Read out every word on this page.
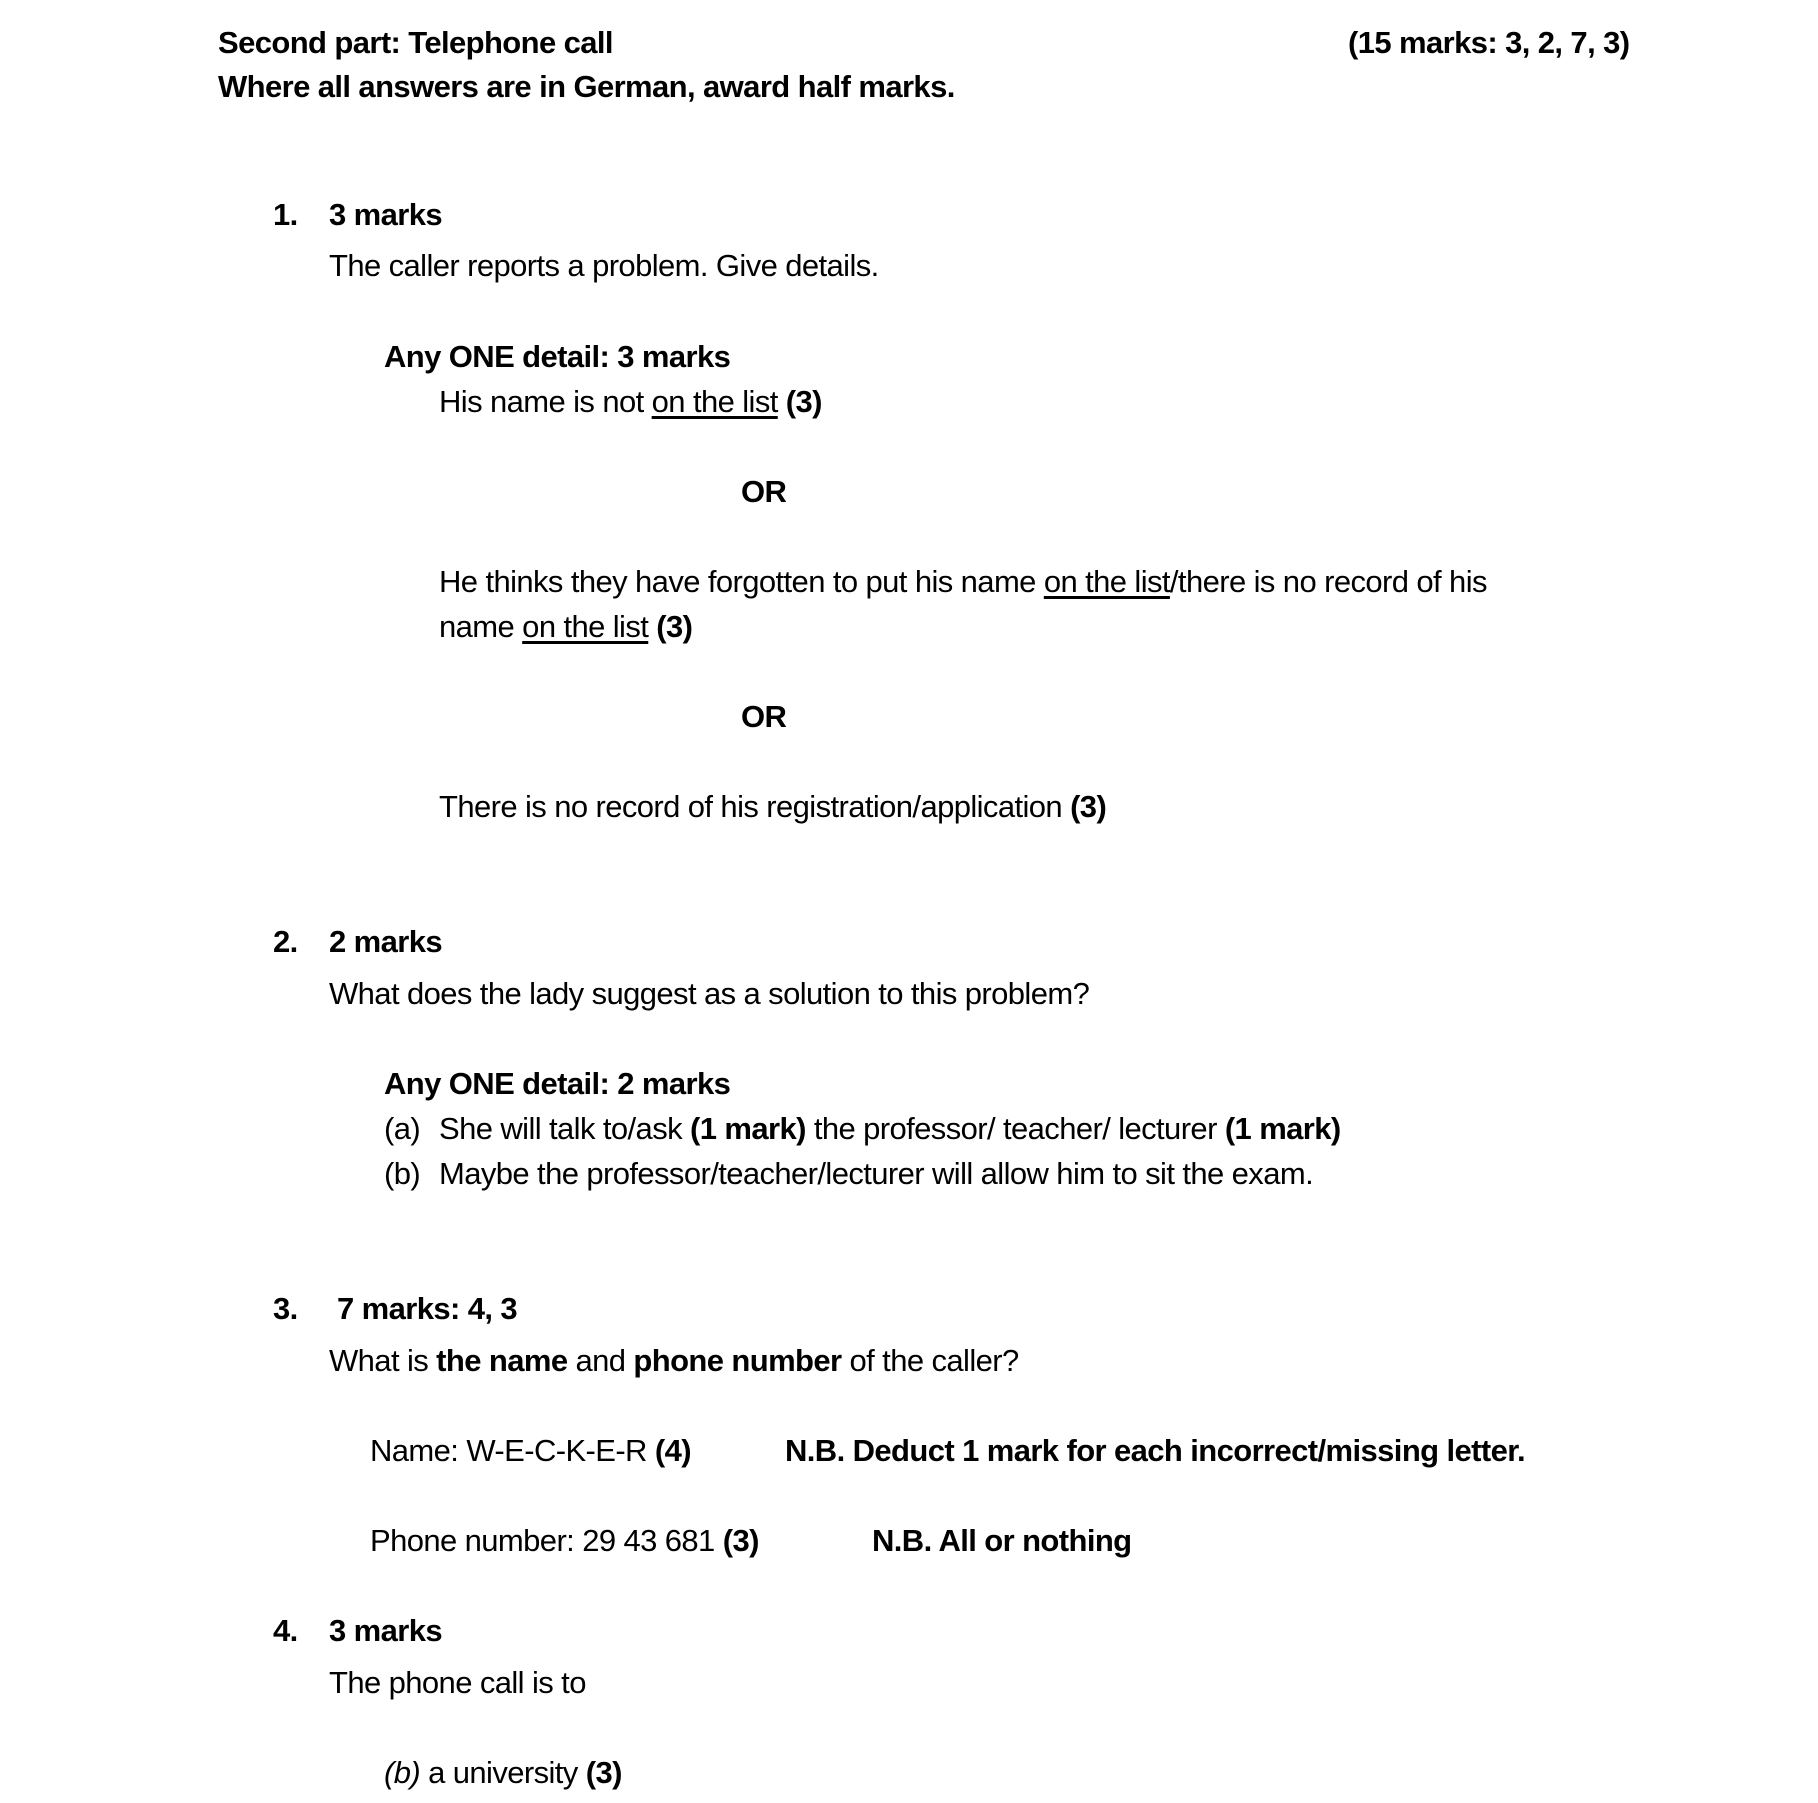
Second part: Telephone call	(15 marks: 3, 2, 7, 3)
Where all answers are in German, award half marks.
1. 3 marks
The caller reports a problem. Give details.
Any ONE detail: 3 marks
His name is not on the list (3)
OR
He thinks they have forgotten to put his name on the list/there is no record of his
name on the list (3)
OR
There is no record of his registration/application (3)
2. 2 marks
What does the lady suggest as a solution to this problem?
Any ONE detail: 2 marks
(a) She will talk to/ask (1 mark) the professor/ teacher/ lecturer (1 mark)
(b) Maybe the professor/teacher/lecturer will allow him to sit the exam.
3. 7 marks: 4, 3
What is the name and phone number of the caller?
Name: W-E-C-K-E-R (4)	N.B. Deduct 1 mark for each incorrect/missing letter.
Phone number: 29 43 681 (3)	N.B. All or nothing
4. 3 marks
The phone call is to
(b) a university (3)
